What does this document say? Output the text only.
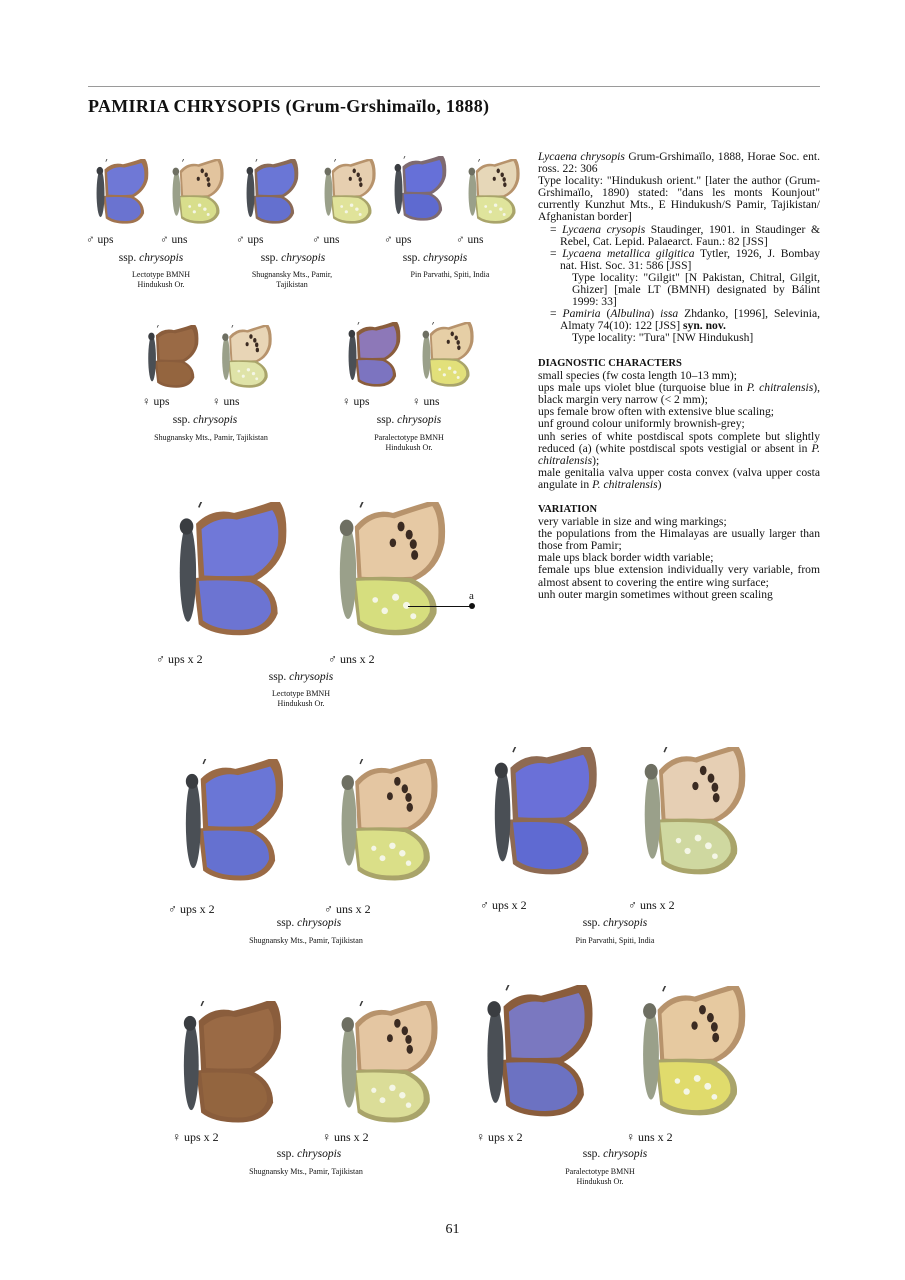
PAMIRIA CHRYSOPIS (Grum-Grshimaïlo, 1888)
♂ ups	♂ uns	♂ ups	♂ uns	♂ ups	♂ uns
ssp. chrysopis	ssp. chrysopis	ssp. chrysopis
Lectotype BMNH
Hindukush Or.
Shugnansky Mts., Pamir,
Tajikistan
Pin Parvathi, Spiti, India
♀ ups	♀ uns	♀ ups	♀ uns
ssp. chrysopis	ssp. chrysopis
Shugnansky Mts., Pamir, Tajikistan	Paralectotype BMNH
Hindukush Or.
a
♂ ups x 2	♂ uns x 2
ssp. chrysopis
Lectotype BMNH
Hindukush Or.
♂ ups x 2	♂ uns x 2	♂ ups x 2	♂ uns x 2
ssp. chrysopis	ssp. chrysopis
Shugnansky Mts., Pamir, Tajikistan	Pin Parvathi, Spiti, India
♀ ups x 2	♀ uns x 2	♀ ups x 2	♀ uns x 2
ssp. chrysopis	ssp. chrysopis
Shugnansky Mts., Pamir, Tajikistan	Paralectotype BMNH
Hindukush Or.

Lycaena chrysopis Grum-Grshimaïlo, 1888, Horae Soc. ent. ross. 22: 306

Type locality: "Hindukush orient." [later the author (Grum-Grshimaïlo, 1890) stated: "dans les monts Kounjout" currently Kunzhut Mts., E Hindukush/S Pamir, Tajikistan/ Afghanistan border]

= Lycaena crysopis Staudinger, 1901. in Staudinger & Rebel, Cat. Lepid. Palaearct. Faun.: 82 [JSS]

= Lycaena metallica gilgitica Tytler, 1926, J. Bombay nat. Hist. Soc. 31: 586 [JSS]

Type locality: "Gilgit" [N Pakistan, Chitral, Gilgit, Ghizer] [male LT (BMNH) designated by Bálint 1999: 33]

= Pamiria (Albulina) issa Zhdanko, [1996], Selevinia, Almaty 74(10): 122 [JSS] syn. nov.

Type locality: "Tura" [NW Hindukush]

DIAGNOSTIC CHARACTERS

small species (fw costa length 10–13 mm);

ups male ups violet blue (turquoise blue in P. chitralensis), black margin very narrow (< 2 mm);

ups female brow often with extensive blue scaling;

unf ground colour uniformly brownish-grey;

unh series of white postdiscal spots complete but slightly reduced (a) (white postdiscal spots vestigial or absent in P. chitralensis);

male genitalia valva upper costa convex (valva upper costa angulate in P. chitralensis)

VARIATION

very variable in size and wing markings;

the populations from the Himalayas are usually larger than those from Pamir;

male ups black border width variable;

female ups blue extension individually very variable, from almost absent to covering the entire wing surface;

unh outer margin sometimes without green scaling

61
